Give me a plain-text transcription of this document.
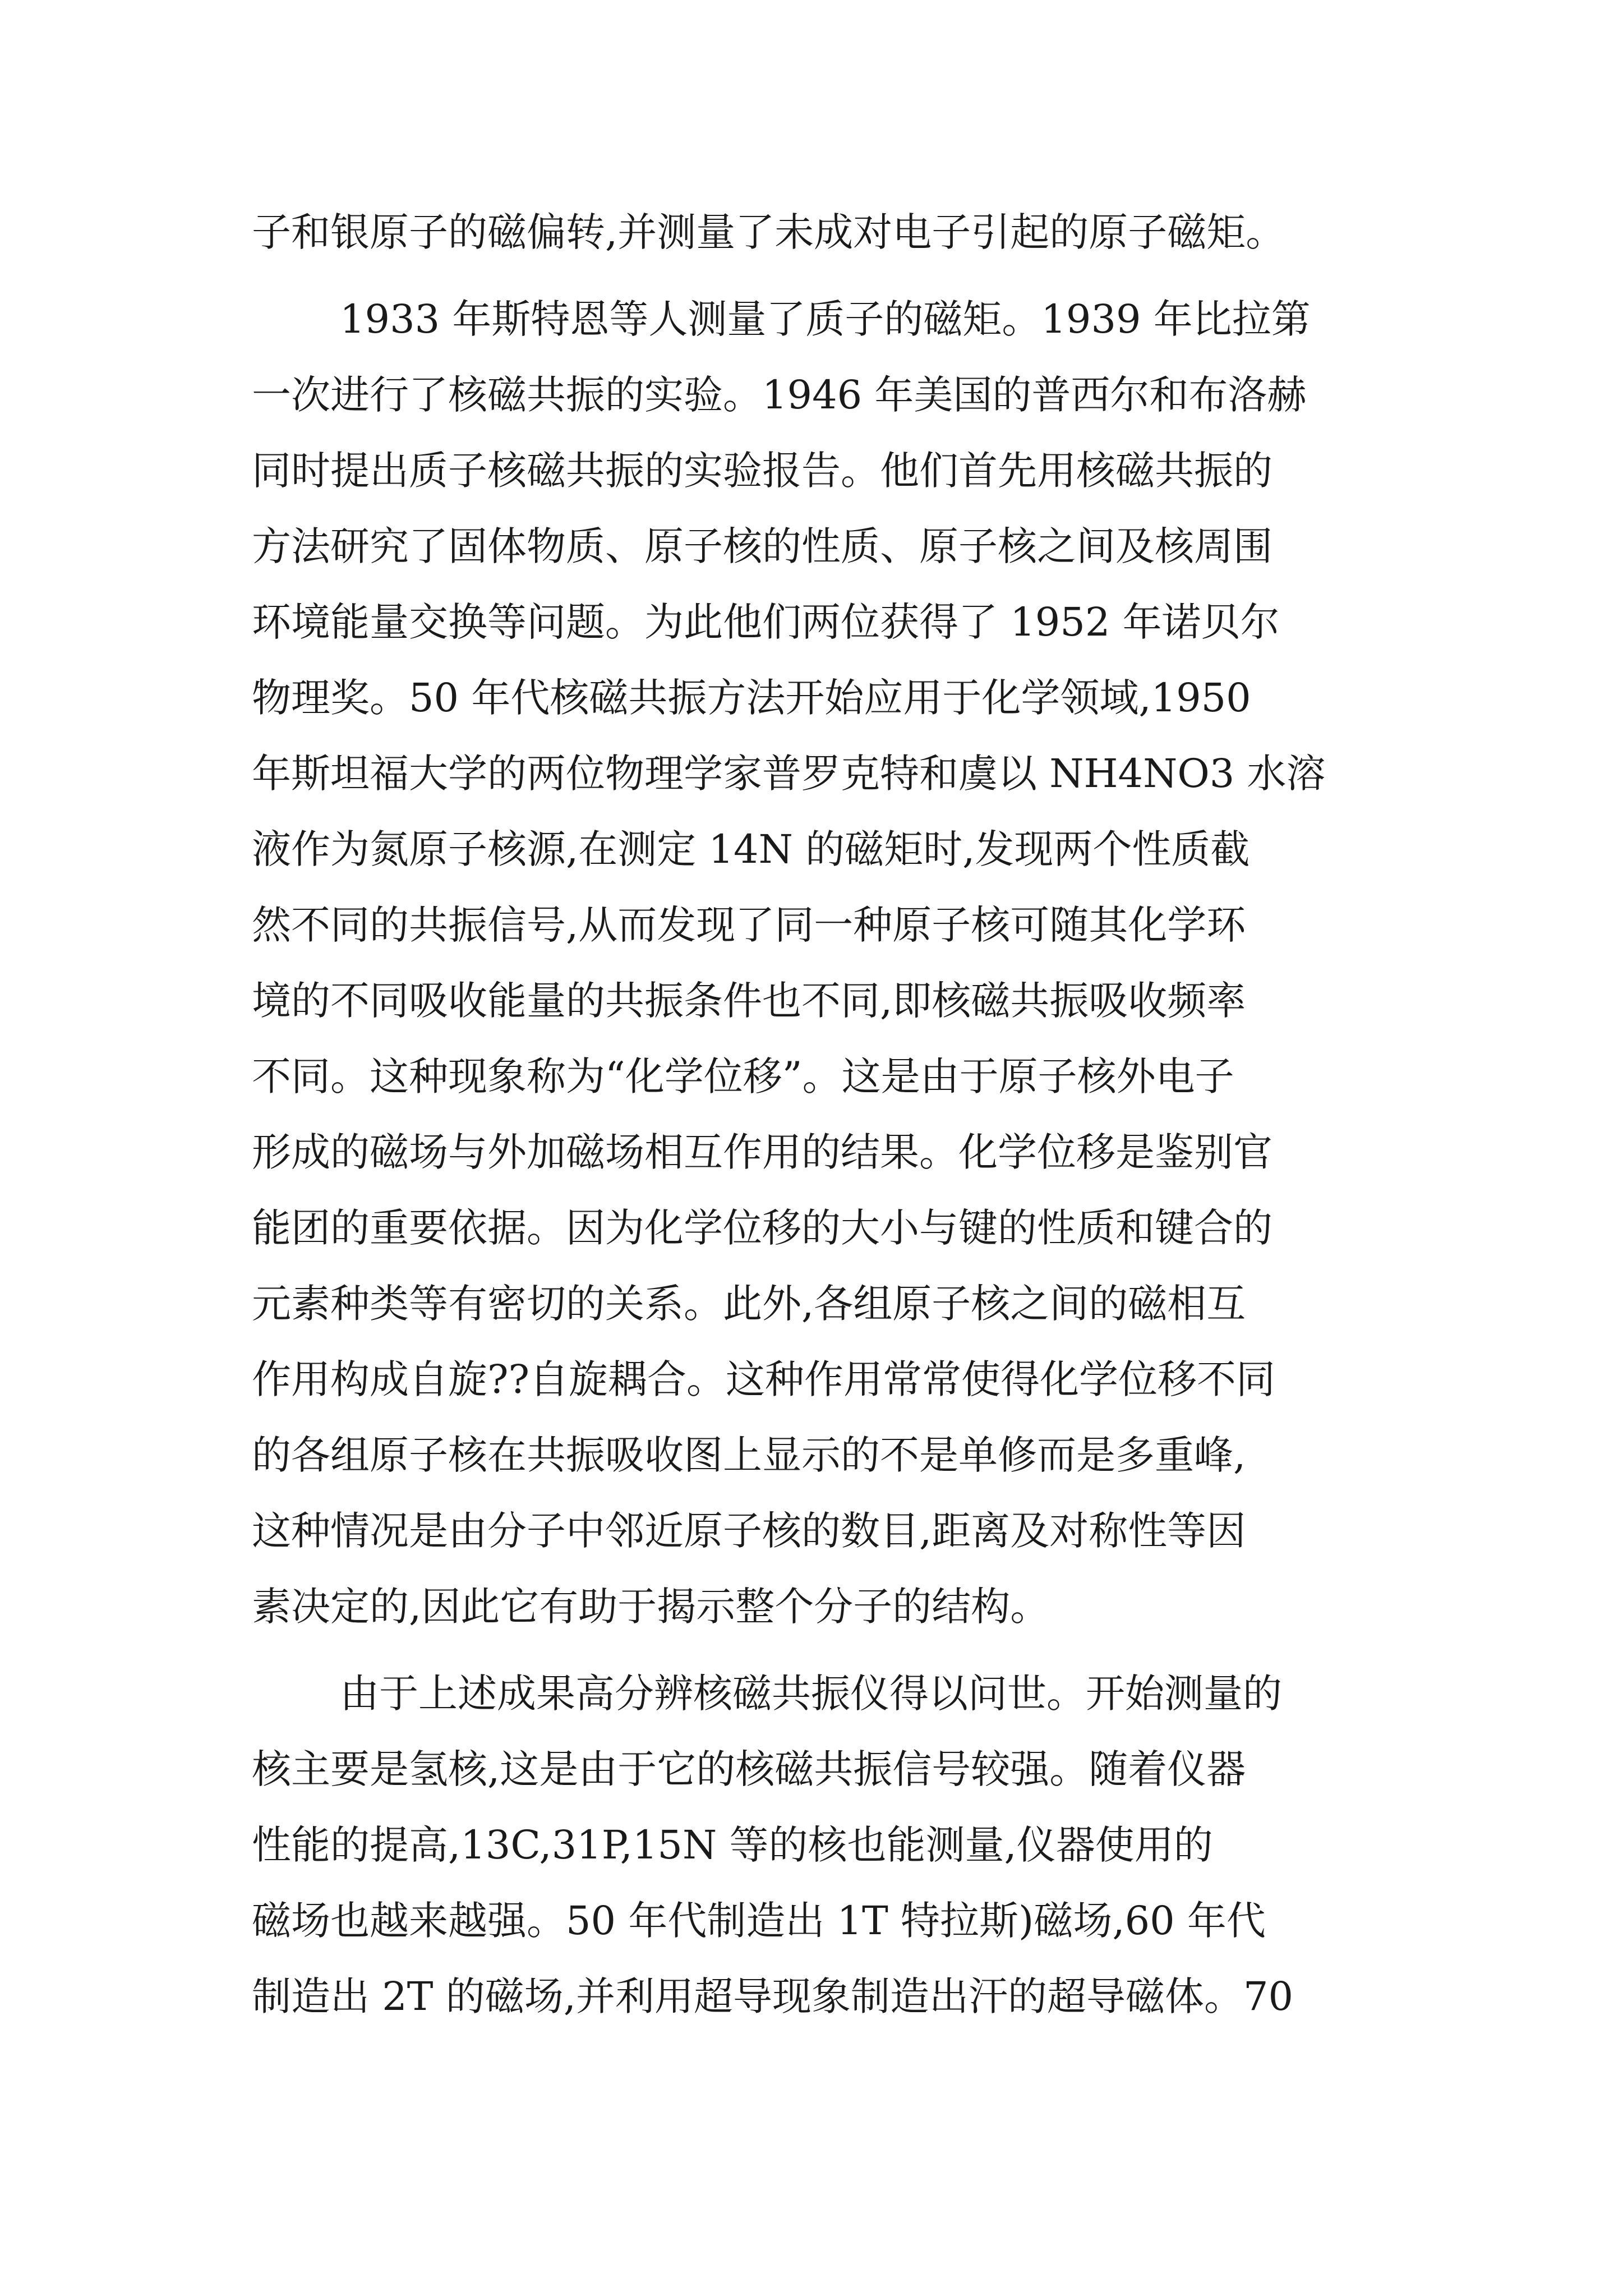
子和银原子的磁偏转,并测量了未成对电子引起的原子磁矩。
1933 年斯特恩等人测量了质子的磁矩。1939 年比拉第
一次进行了核磁共振的实验。1946 年美国的普西尔和布洛赫
同时提出质子核磁共振的实验报告。他们首先用核磁共振的
方法研究了固体物质、原子核的性质、原子核之间及核周围
环境能量交换等问题。为此他们两位获得了 1952 年诺贝尔
物理奖。50 年代核磁共振方法开始应用于化学领域,1950
年斯坦福大学的两位物理学家普罗克特和虞以 NH4NO3 水溶
液作为氮原子核源,在测定 14N 的磁矩时,发现两个性质截
然不同的共振信号,从而发现了同一种原子核可随其化学环
境的不同吸收能量的共振条件也不同,即核磁共振吸收频率
不同。这种现象称为“化学位移”。这是由于原子核外电子
形成的磁场与外加磁场相互作用的结果。化学位移是鉴别官
能团的重要依据。因为化学位移的大小与键的性质和键合的
元素种类等有密切的关系。此外,各组原子核之间的磁相互
作用构成自旋??自旋耦合。这种作用常常使得化学位移不同
的各组原子核在共振吸收图上显示的不是单修而是多重峰,
这种情况是由分子中邻近原子核的数目,距离及对称性等因
素决定的,因此它有助于揭示整个分子的结构。
由于上述成果高分辨核磁共振仪得以问世。开始测量的
核主要是氢核,这是由于它的核磁共振信号较强。随着仪器
性能的提高,13C,31P,15N 等的核也能测量,仪器使用的
磁场也越来越强。50 年代制造出 1T 特拉斯)磁场,60 年代
制造出 2T 的磁场,并利用超导现象制造出汗的超导磁体。70
